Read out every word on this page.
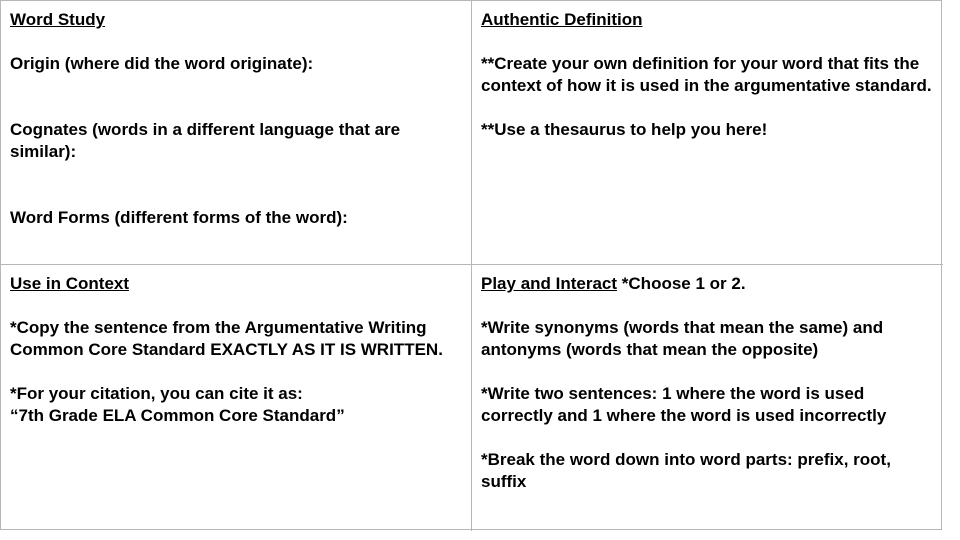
Word Study

Origin (where did the word originate):

Cognates (words in a different language that are similar):

Word Forms (different forms of the word):

Authentic Definition

**Create your own definition for your word that fits the context of how it is used in the argumentative standard.

**Use a thesaurus to help you here!

Use in Context

*Copy the sentence from the Argumentative Writing Common Core Standard EXACTLY AS IT IS WRITTEN.

*For your citation, you can cite it as:

“7th Grade ELA Common Core Standard”

Play and Interact *Choose 1 or 2.

*Write synonyms (words that mean the same) and antonyms (words that mean the opposite)

*Write two sentences: 1 where the word is used correctly and 1 where the word is used incorrectly

*Break the word down into word parts: prefix, root, suffix
